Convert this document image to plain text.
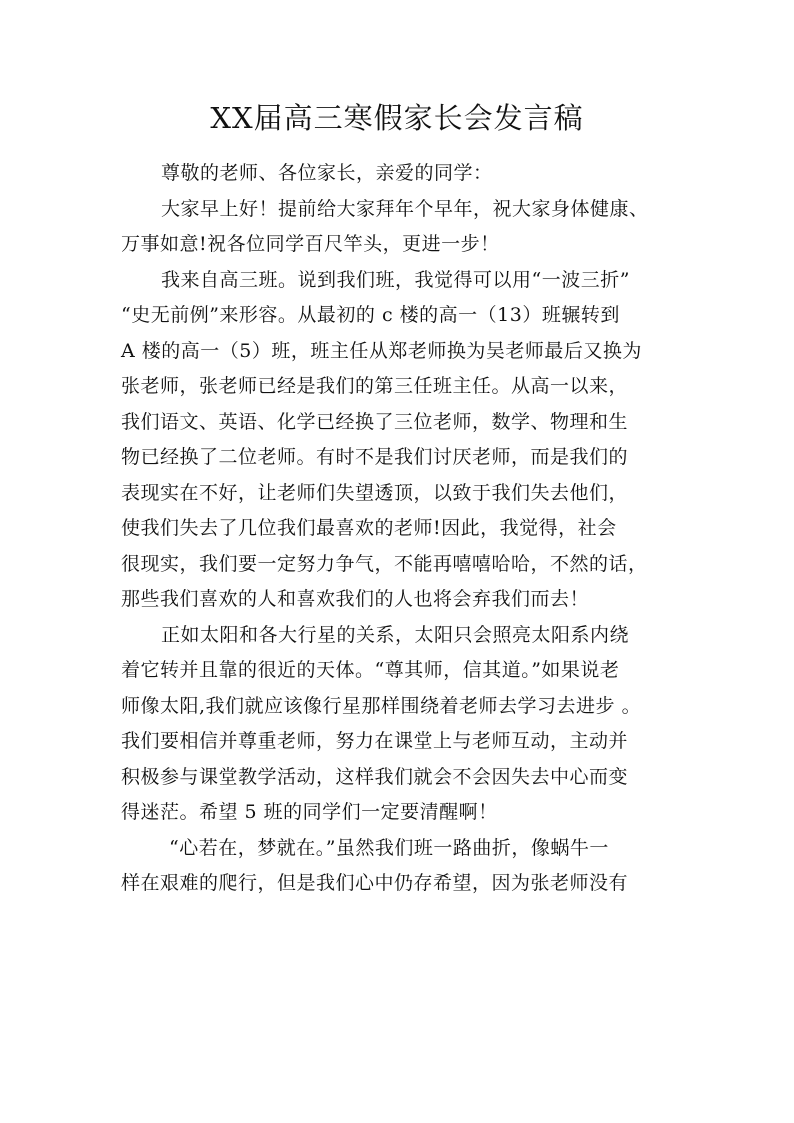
XX届高三寒假家长会发言稿
尊敬的老师、各位家长，亲爱的同学：
大家早上好！提前给大家拜年个早年，祝大家身体健康、
万事如意!祝各位同学百尺竿头，更进一步！
我来自高三班。说到我们班，我觉得可以用“一波三折”
“史无前例”来形容。从最初的 c 楼的高一（13）班辗转到
A 楼的高一（5）班，班主任从郑老师换为吴老师最后又换为
张老师，张老师已经是我们的第三任班主任。从高一以来，
我们语文、英语、化学已经换了三位老师，数学、物理和生
物已经换了二位老师。有时不是我们讨厌老师，而是我们的
表现实在不好，让老师们失望透顶，以致于我们失去他们，
使我们失去了几位我们最喜欢的老师!因此，我觉得，社会
很现实，我们要一定努力争气，不能再嘻嘻哈哈，不然的话，
那些我们喜欢的人和喜欢我们的人也将会弃我们而去！
正如太阳和各大行星的关系，太阳只会照亮太阳系内绕
着它转并且靠的很近的天体。“尊其师，信其道。”如果说老
师像太阳,我们就应该像行星那样围绕着老师去学习去进步 。
我们要相信并尊重老师，努力在课堂上与老师互动，主动并
积极参与课堂教学活动，这样我们就会不会因失去中心而变
得迷茫。希望 5 班的同学们一定要清醒啊！
“心若在，梦就在。”虽然我们班一路曲折，像蜗牛一
样在艰难的爬行，但是我们心中仍存希望，因为张老师没有
